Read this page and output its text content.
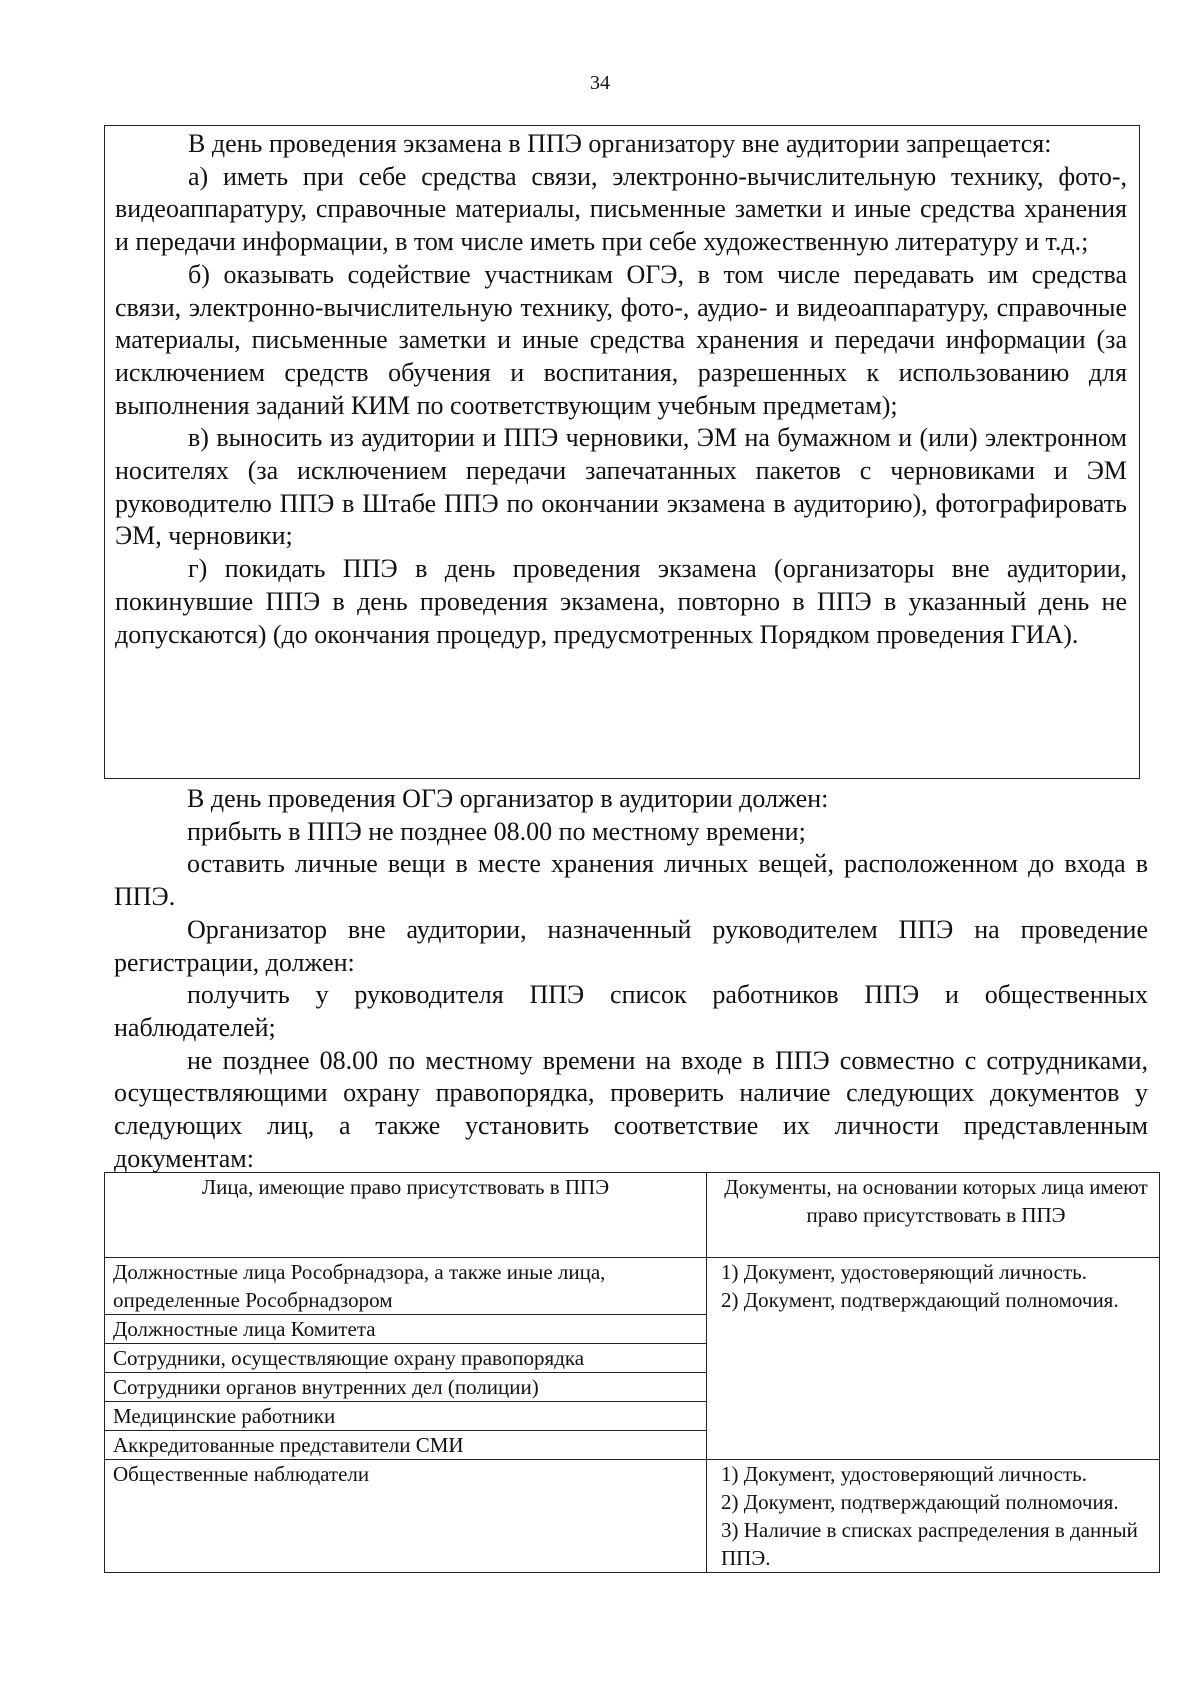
34

В день проведения экзамена в ППЭ организатору вне аудитории запрещается:

а) иметь при себе средства связи, электронно-вычислительную технику, фото-, видеоаппаратуру, справочные материалы, письменные заметки и иные средства хранения и передачи информации, в том числе иметь при себе художественную литературу и т.д.;

б) оказывать содействие участникам ОГЭ, в том числе передавать им средства связи, электронно-вычислительную технику, фото-, аудио- и видеоаппаратуру, справочные материалы, письменные заметки и иные средства хранения и передачи информации (за исключением средств обучения и воспитания, разрешенных к использованию для выполнения заданий КИМ по соответствующим учебным предметам);

в) выносить из аудитории и ППЭ черновики, ЭМ на бумажном и (или) электронном носителях (за исключением передачи запечатанных пакетов с черновиками и ЭМ руководителю ППЭ в Штабе ППЭ по окончании экзамена в аудиторию), фотографировать ЭМ, черновики;

г) покидать ППЭ в день проведения экзамена (организаторы вне аудитории, покинувшие ППЭ в день проведения экзамена, повторно в ППЭ в указанный день не допускаются) (до окончания процедур, предусмотренных Порядком проведения ГИА).

В день проведения ОГЭ организатор в аудитории должен:

прибыть в ППЭ не позднее 08.00 по местному времени;

оставить личные вещи в месте хранения личных вещей, расположенном до входа в ППЭ.

Организатор вне аудитории, назначенный руководителем ППЭ на проведение регистрации, должен:

получить у руководителя ППЭ список работников ППЭ и общественных наблюдателей;

не позднее 08.00 по местному времени на входе в ППЭ совместно с сотрудниками, осуществляющими охрану правопорядка, проверить наличие следующих документов у следующих лиц, а также установить соответствие их личности представленным документам:

Лица, имеющие право присутствовать в ППЭ	Документы, на основании которых лица имеют право присутствовать в ППЭ
Должностные лица Рособрнадзора, а также иные лица, определенные Рособрнадзором	1) Документ, удостоверяющий личность.
2) Документ, подтверждающий полномочия.

Должностные лица Комитета	
Сотрудники, осуществляющие охрану правопорядка	
Сотрудники органов внутренних дел (полиции)	
Медицинские работники	
Аккредитованные представители СМИ	
Общественные наблюдатели	1) Документ, удостоверяющий личность.
2) Документ, подтверждающий полномочия.
3) Наличие в списках распределения в данный ППЭ.
